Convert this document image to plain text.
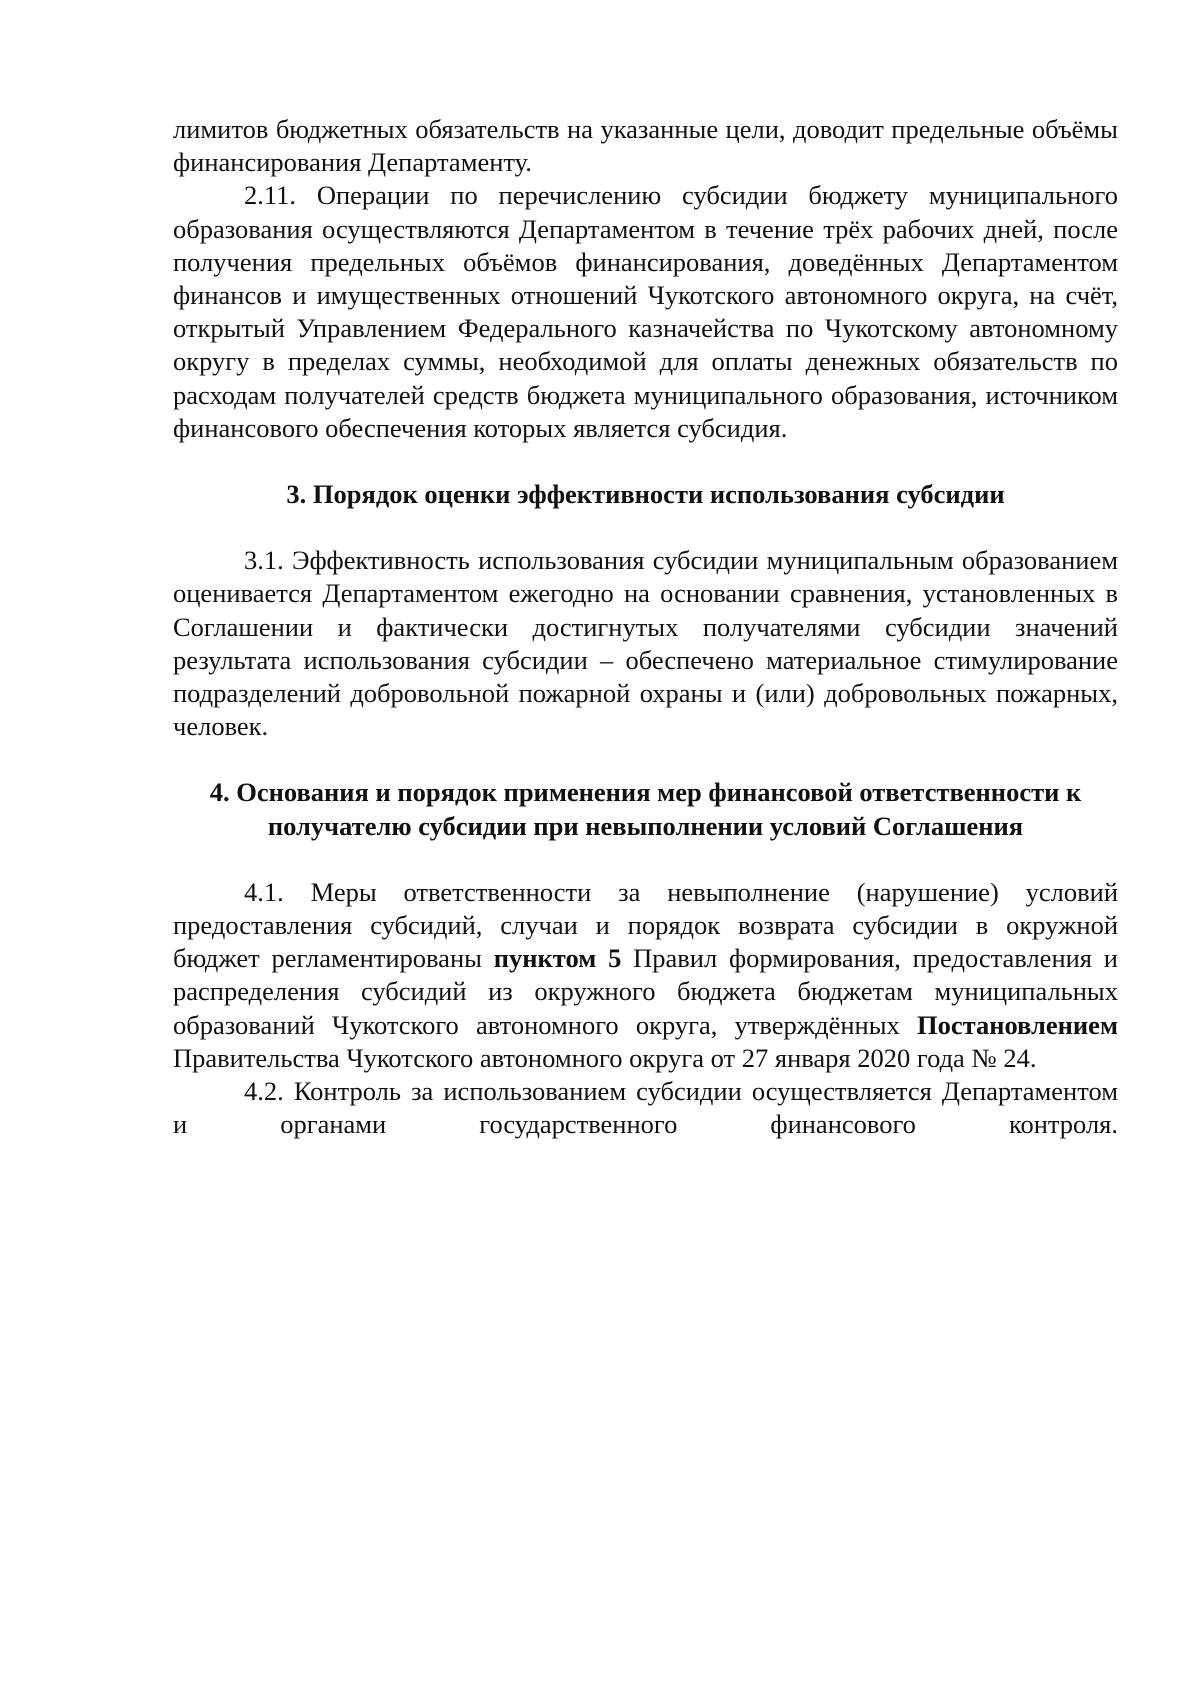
лимитов бюджетных обязательств на указанные цели, доводит предельные объёмы финансирования Департаменту.

2.11. Операции по перечислению субсидии бюджету муниципального образования осуществляются Департаментом в течение трёх рабочих дней, после получения предельных объёмов финансирования, доведённых Департаментом финансов и имущественных отношений Чукотского автономного округа, на счёт, открытый Управлением Федерального казначейства по Чукотскому автономному округу в пределах суммы, необходимой для оплаты денежных обязательств по расходам получателей средств бюджета муниципального образования, источником финансового обеспечения которых является субсидия.

3. Порядок оценки эффективности использования субсидии

3.1. Эффективность использования субсидии муниципальным образованием оценивается Департаментом ежегодно на основании сравнения, установленных в Соглашении и фактически достигнутых получателями субсидии значений результата использования субсидии – обеспечено материальное стимулирование подразделений добровольной пожарной охраны и (или) добровольных пожарных, человек.

4. Основания и порядок применения мер финансовой ответственности к

получателю субсидии при невыполнении условий Соглашения

4.1. Меры ответственности за невыполнение (нарушение) условий предоставления субсидий, случаи и порядок возврата субсидии в окружной бюджет регламентированы пунктом 5 Правил формирования, предоставления и распределения субсидий из окружного бюджета бюджетам муниципальных образований Чукотского автономного округа, утверждённых Постановлением Правительства Чукотского автономного округа от 27 января 2020 года № 24.

4.2. Контроль за использованием субсидии осуществляется Департаментом и органами государственного финансового контроля.
